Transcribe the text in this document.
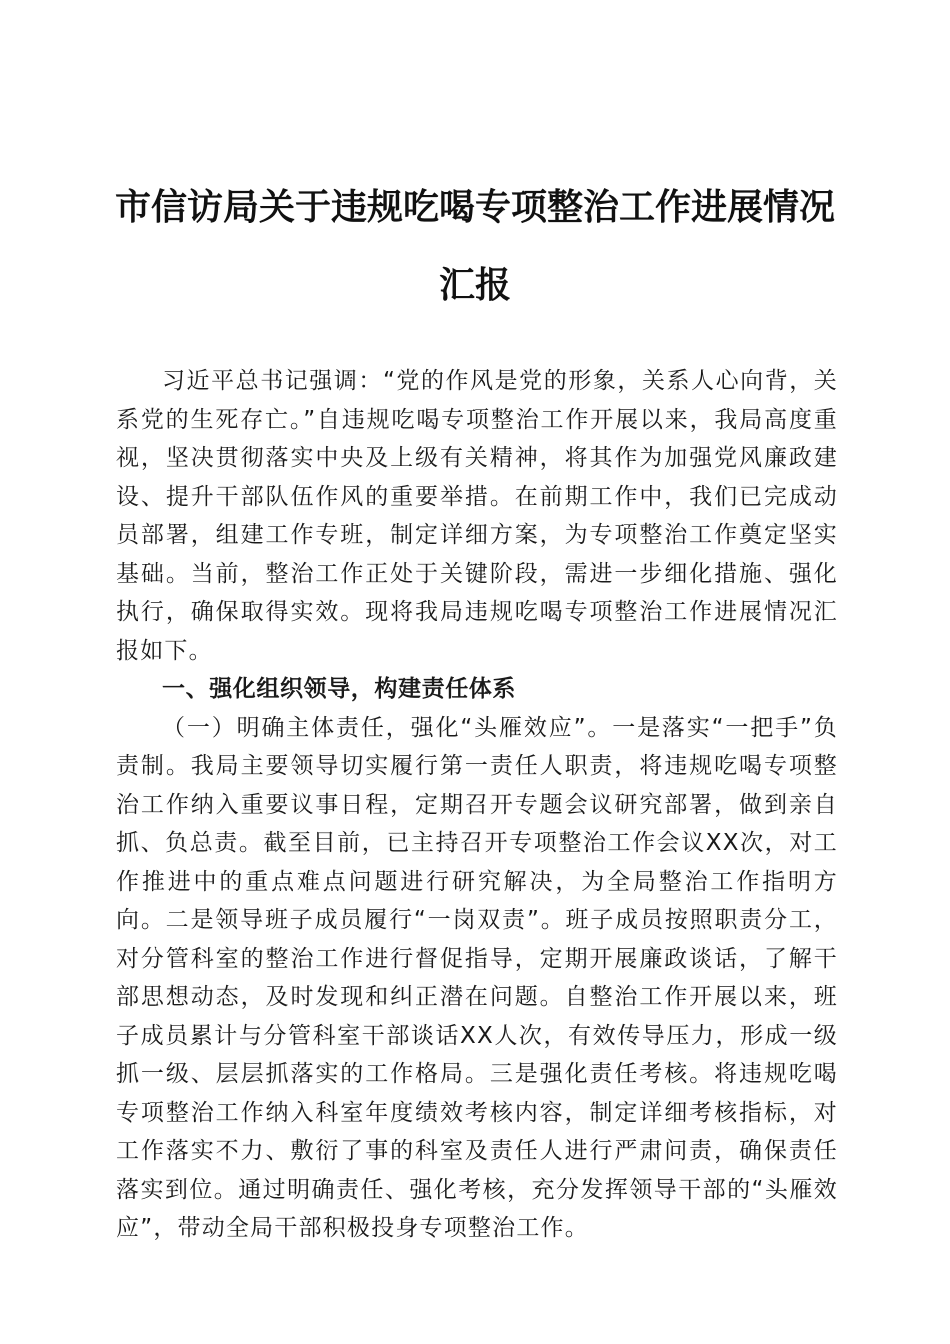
市信访局关于违规吃喝专项整治工作进展情况
汇报

习近平总书记强调：“党的作风是党的形象，关系人心向背，关系党的生死存亡。”自违规吃喝专项整治工作开展以来，我局高度重视，坚决贯彻落实中央及上级有关精神，将其作为加强党风廉政建设、提升干部队伍作风的重要举措。在前期工作中，我们已完成动员部署，组建工作专班，制定详细方案，为专项整治工作奠定坚实基础。当前，整治工作正处于关键阶段，需进一步细化措施、强化执行，确保取得实效。现将我局违规吃喝专项整治工作进展情况汇报如下。

一、强化组织领导，构建责任体系

（一）明确主体责任，强化“头雁效应”。一是落实“一把手”负责制。我局主要领导切实履行第一责任人职责，将违规吃喝专项整治工作纳入重要议事日程，定期召开专题会议研究部署，做到亲自抓、负总责。截至目前，已主持召开专项整治工作会议XX次，对工作推进中的重点难点问题进行研究解决，为全局整治工作指明方向。二是领导班子成员履行“一岗双责”。班子成员按照职责分工，对分管科室的整治工作进行督促指导，定期开展廉政谈话，了解干部思想动态，及时发现和纠正潜在问题。自整治工作开展以来，班子成员累计与分管科室干部谈话XX人次，有效传导压力，形成一级抓一级、层层抓落实的工作格局。三是强化责任考核。将违规吃喝专项整治工作纳入科室年度绩效考核内容，制定详细考核指标，对工作落实不力、敷衍了事的科室及责任人进行严肃问责，确保责任落实到位。通过明确责任、强化考核，充分发挥领导干部的“头雁效应”，带动全局干部积极投身专项整治工作。
